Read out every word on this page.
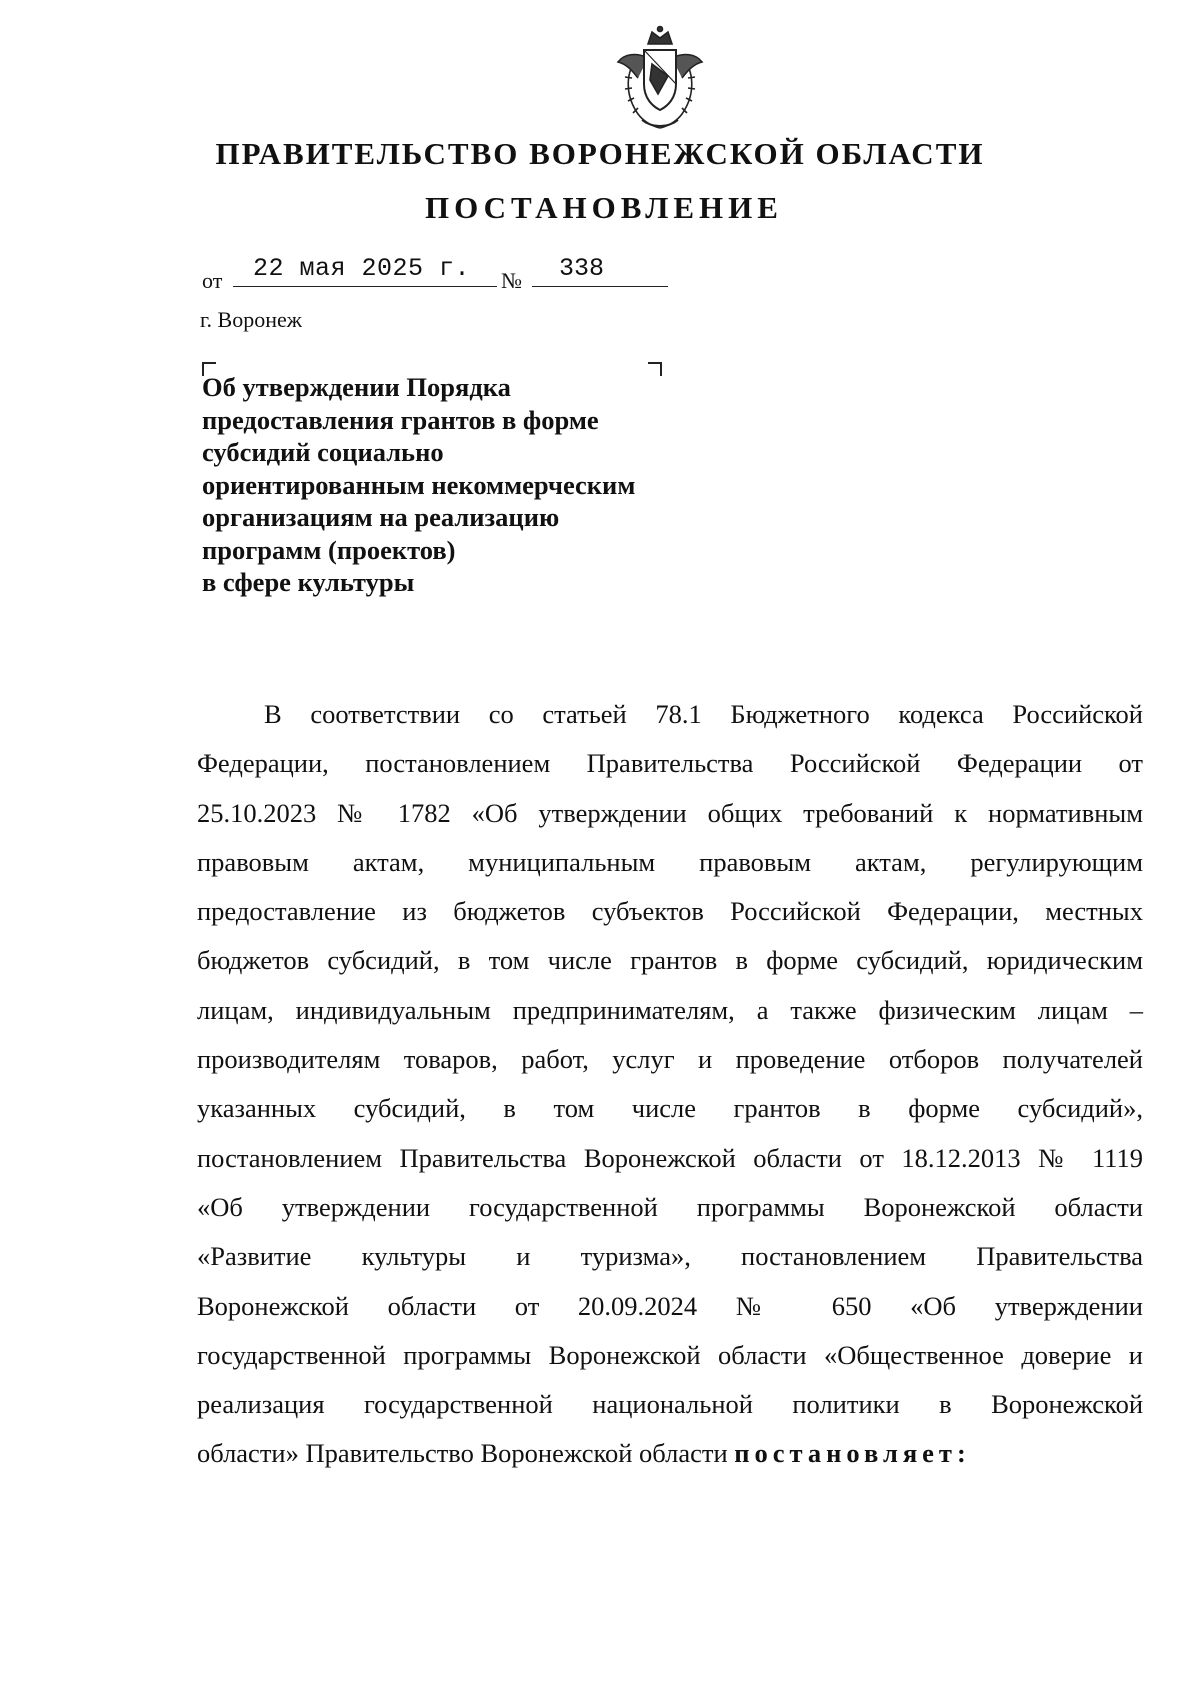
ПРАВИТЕЛЬСТВО ВОРОНЕЖСКОЙ ОБЛАСТИ
ПОСТАНОВЛЕНИЕ
от 22 мая 2025 г. № 338
г. Воронеж
Об утверждении Порядка
предоставления грантов в форме
субсидий социально
ориентированным некоммерческим
организациям на реализацию
программ (проектов)
в сфере культуры
В соответствии со статьей 78.1 Бюджетного кодекса Российской
Федерации, постановлением Правительства Российской Федерации от
25.10.2023 № 1782 «Об утверждении общих требований к нормативным
правовым актам, муниципальным правовым актам, регулирующим
предоставление из бюджетов субъектов Российской Федерации, местных
бюджетов субсидий, в том числе грантов в форме субсидий, юридическим
лицам, индивидуальным предпринимателям, а также физическим лицам –
производителям товаров, работ, услуг и проведение отборов получателей
указанных субсидий, в том числе грантов в форме субсидий»,
постановлением Правительства Воронежской области от 18.12.2013 № 1119
«Об утверждении государственной программы Воронежской области
«Развитие культуры и туризма», постановлением Правительства
Воронежской области от 20.09.2024 № 650 «Об утверждении
государственной программы Воронежской области «Общественное доверие и
реализация государственной национальной политики в Воронежской
области» Правительство Воронежской области постановляет:
